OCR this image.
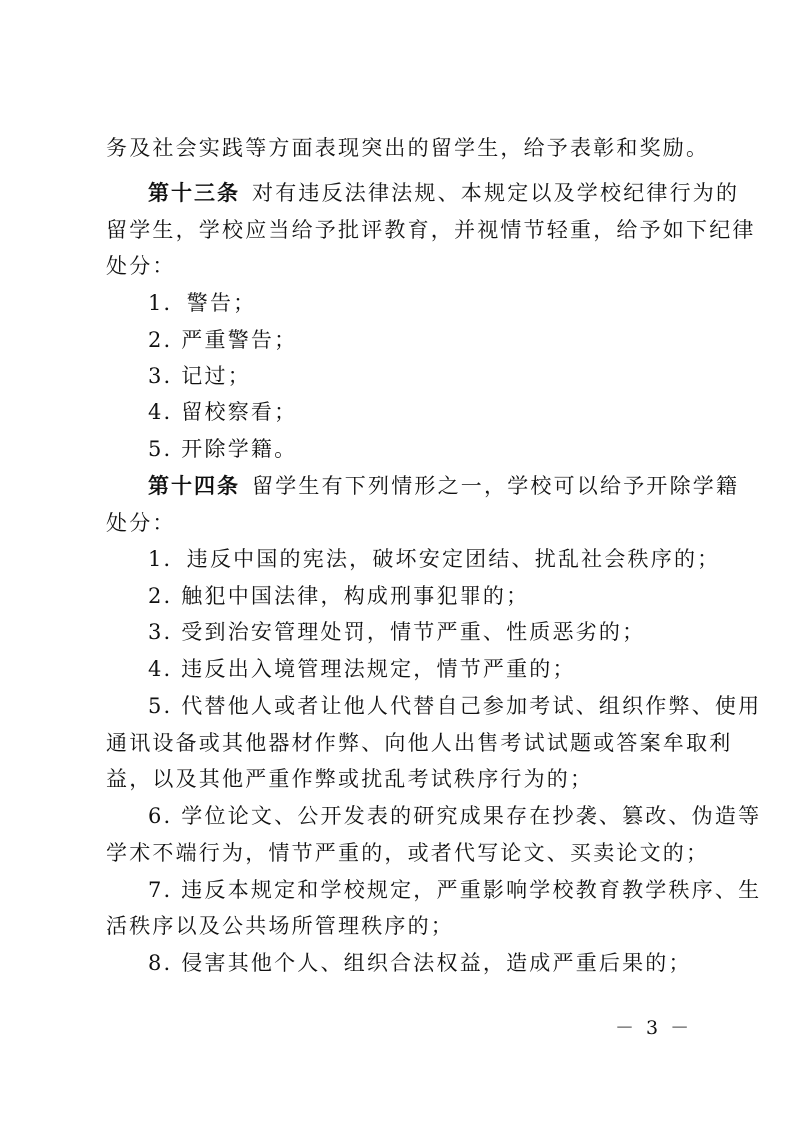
务及社会实践等方面表现突出的留学生，给予表彰和奖励。
第十三条 对有违反法律法规、本规定以及学校纪律行为的
留学生，学校应当给予批评教育，并视情节轻重，给予如下纪律
处分：
1．警告；
2. 严重警告；
3. 记过；
4. 留校察看；
5. 开除学籍。
第十四条 留学生有下列情形之一，学校可以给予开除学籍
处分：
1．违反中国的宪法，破坏安定团结、扰乱社会秩序的；
2. 触犯中国法律，构成刑事犯罪的；
3. 受到治安管理处罚，情节严重、性质恶劣的；
4. 违反出入境管理法规定，情节严重的；
5. 代替他人或者让他人代替自己参加考试、组织作弊、使用
通讯设备或其他器材作弊、向他人出售考试试题或答案牟取利
益，以及其他严重作弊或扰乱考试秩序行为的；
6. 学位论文、公开发表的研究成果存在抄袭、篡改、伪造等
学术不端行为，情节严重的，或者代写论文、买卖论文的；
7. 违反本规定和学校规定，严重影响学校教育教学秩序、生
活秩序以及公共场所管理秩序的；
8. 侵害其他个人、组织合法权益，造成严重后果的；
－ 3 －
